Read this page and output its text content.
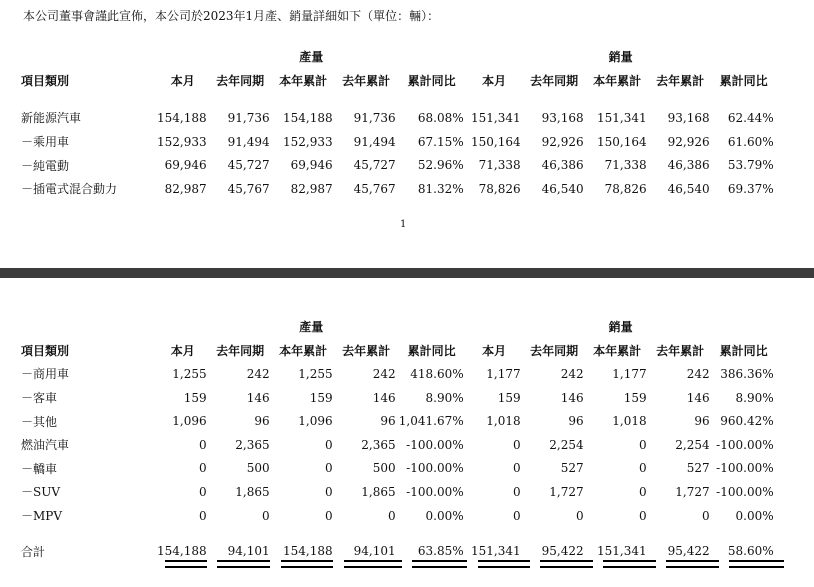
本公司董事會謹此宣佈，本公司於2023年1月產、銷量詳細如下（單位：輛）：
	產量					銷量				
項目類別	本月	去年同期	本年累計	去年累計	累計同比	本月	去年同期	本年累計	去年累計	累計同比

新能源汽車	154,188	91,736	154,188	91,736	68.08%	151,341	93,168	151,341	93,168	62.44%
－乘用車	152,933	91,494	152,933	91,494	67.15%	150,164	92,926	150,164	92,926	61.60%
－純電動	69,946	45,727	69,946	45,727	52.96%	71,338	46,386	71,338	46,386	53.79%
－插電式混合動力	82,987	45,767	82,987	45,767	81.32%	78,826	46,540	78,826	46,540	69.37%
1
	產量					銷量				
項目類別	本月	去年同期	本年累計	去年累計	累計同比	本月	去年同期	本年累計	去年累計	累計同比
－商用車	1,255	242	1,255	242	418.60%	1,177	242	1,177	242	386.36%
－客車	159	146	159	146	8.90%	159	146	159	146	8.90%
－其他	1,096	96	1,096	96	1,041.67%	1,018	96	1,018	96	960.42%
燃油汽車	0	2,365	0	2,365	-100.00%	0	2,254	0	2,254	-100.00%
－轎車	0	500	0	500	-100.00%	0	527	0	527	-100.00%
－SUV	0	1,865	0	1,865	-100.00%	0	1,727	0	1,727	-100.00%
－MPV	0	0	0	0	0.00%	0	0	0	0	0.00%

合計	154,188	94,101	154,188	94,101	63.85%	151,341	95,422	151,341	95,422	58.60%
